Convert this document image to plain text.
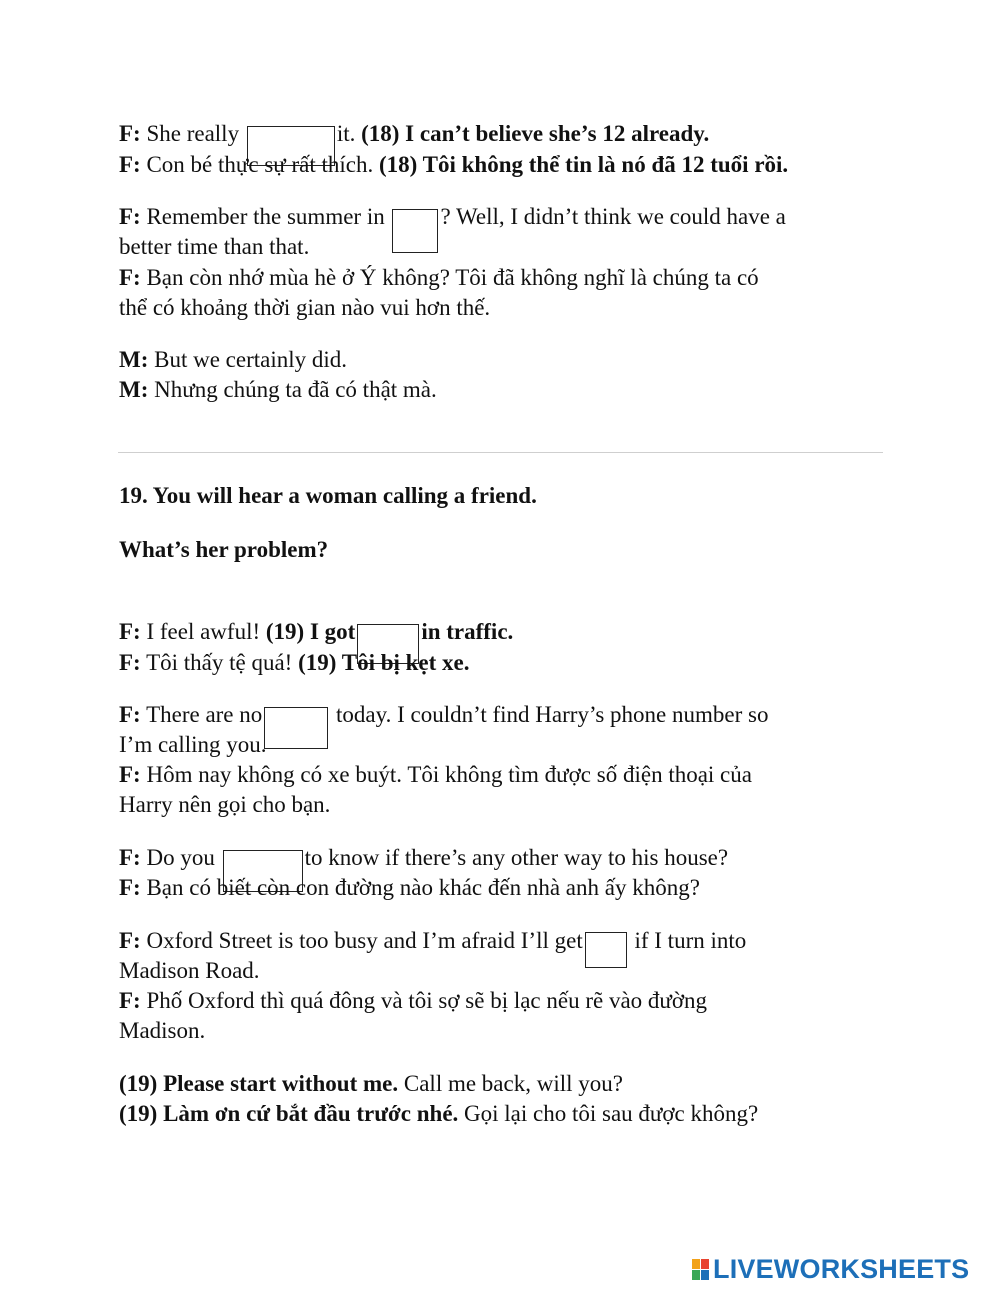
F: She really	it. (18) I can’t believe she’s 12 already.
F: Con bé thực sự rất thích. (18) Tôi không thể tin là nó đã 12 tuổi rồi.
F: Remember the summer in ? Well, I didn’t think we could have a
better time than that.
F: Bạn còn nhớ mùa hè ở Ý không? Tôi đã không nghĩ là chúng ta có
thể có khoảng thời gian nào vui hơn thế.
M: But we certainly did.
M: Nhưng chúng ta đã có thật mà.
19. You will hear a woman calling a friend.
What’s her problem?
F: I feel awful! (19) I got	in traffic.
F: Tôi thấy tệ quá! (19) Tôi bị kẹt xe.
F: There are no	today. I couldn’t find Harry’s phone number so
I’m calling you.
F: Hôm nay không có xe buýt. Tôi không tìm được số điện thoại của
Harry nên gọi cho bạn.
F: Do you	to know if there’s any other way to his house?
F: Bạn có biết còn con đường nào khác đến nhà anh ấy không?
F: Oxford Street is too busy and I’m afraid I’ll get if I turn into
Madison Road.
F: Phố Oxford thì quá đông và tôi sợ sẽ bị lạc nếu rẽ vào đường
Madison.
(19) Please start without me. Call me back, will you?
(19) Làm ơn cứ bắt đầu trước nhé. Gọi lại cho tôi sau được không?
LIVEWORKSHEETS
